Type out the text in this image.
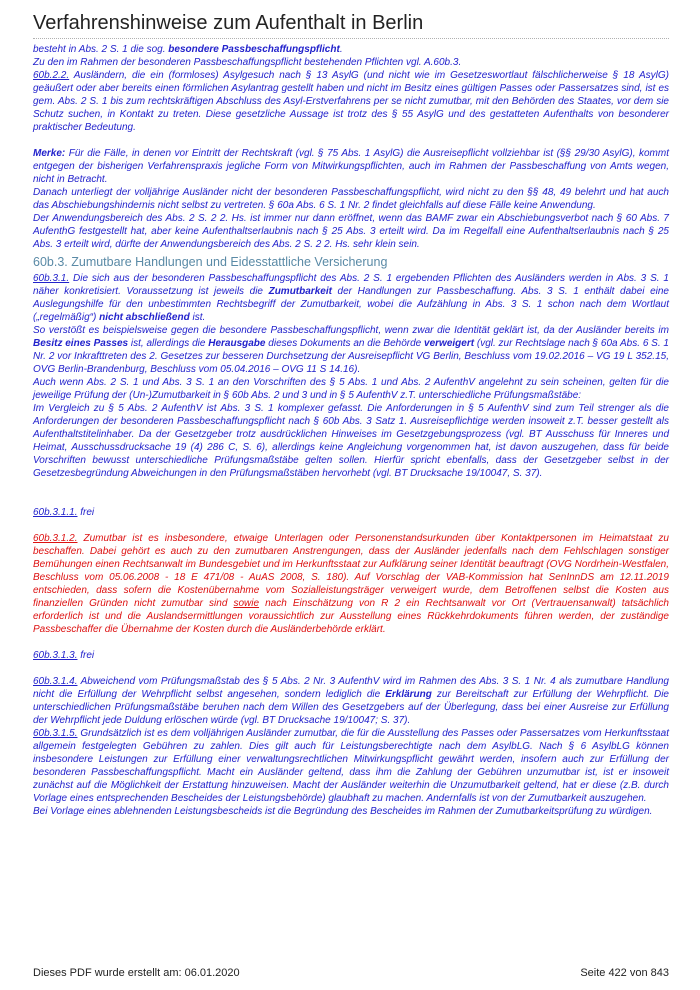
Verfahrenshinweise zum Aufenthalt in Berlin

besteht in Abs. 2 S. 1 die sog. besondere Passbeschaffungspflicht.

Zu den im Rahmen der besonderen Passbeschaffungspflicht bestehenden Pflichten vgl. A.60b.3.

60b.2.2. Ausländern, die ein (formloses) Asylgesuch nach § 13 AsylG (und nicht wie im Gesetzeswortlaut fälschlicherweise § 18 AsylG) geäußert oder aber bereits einen förmlichen Asylantrag gestellt haben und nicht im Besitz eines gültigen Passes oder Passersatzes sind, ist es gem. Abs. 2 S. 1 bis zum rechtskräftigen Abschluss des Asyl-Erstverfahrens per se nicht zumutbar, mit den Behörden des Staates, vor dem sie Schutz suchen, in Kontakt zu treten. Diese gesetzliche Aussage ist trotz des § 55 AsylG und des gestatteten Aufenthalts von besonderer praktischer Bedeutung.

Merke: Für die Fälle, in denen vor Eintritt der Rechtskraft (vgl. § 75 Abs. 1 AsylG) die Ausreisepflicht vollziehbar ist (§§ 29/30 AsylG), kommt entgegen der bisherigen Verfahrenspraxis jegliche Form von Mitwirkungspflichten, auch im Rahmen der Passbeschaffung von Amts wegen, nicht in Betracht.

Danach unterliegt der volljährige Ausländer nicht der besonderen Passbeschaffungspflicht, wird nicht zu den §§ 48, 49 belehrt und hat auch das Abschiebungshindernis nicht selbst zu vertreten. § 60a Abs. 6 S. 1 Nr. 2 findet gleichfalls auf diese Fälle keine Anwendung.

Der Anwendungsbereich des Abs. 2 S. 2 2. Hs. ist immer nur dann eröffnet, wenn das BAMF zwar ein Abschiebungsverbot nach § 60 Abs. 7 AufenthG festgestellt hat, aber keine Aufenthaltserlaubnis nach § 25 Abs. 3 erteilt wird. Da im Regelfall eine Aufenthaltserlaubnis nach § 25 Abs. 3 erteilt wird, dürfte der Anwendungsbereich des Abs. 2 S. 2 2. Hs. sehr klein sein.

60b.3. Zumutbare Handlungen und Eidesstattliche Versicherung

60b.3.1. Die sich aus der besonderen Passbeschaffungspflicht des Abs. 2 S. 1 ergebenden Pflichten des Ausländers werden in Abs. 3 S. 1 näher konkretisiert. Voraussetzung ist jeweils die Zumutbarkeit der Handlungen zur Passbeschaffung. Abs. 3 S. 1 enthält dabei eine Auslegungshilfe für den unbestimmten Rechtsbegriff der Zumutbarkeit, wobei die Aufzählung in Abs. 3 S. 1 schon nach dem Wortlaut („regelmäßig“) nicht abschließend ist.

So verstößt es beispielsweise gegen die besondere Passbeschaffungspflicht, wenn zwar die Identität geklärt ist, da der Ausländer bereits im Besitz eines Passes ist, allerdings die Herausgabe dieses Dokuments an die Behörde verweigert (vgl. zur Rechtslage nach § 60a Abs. 6 S. 1 Nr. 2 vor Inkrafttreten des 2. Gesetzes zur besseren Durchsetzung der Ausreisepflicht VG Berlin, Beschluss vom 19.02.2016 – VG 19 L 352.15, OVG Berlin-Brandenburg, Beschluss vom 05.04.2016 – OVG 11 S 14.16).

Auch wenn Abs. 2 S. 1 und Abs. 3 S. 1 an den Vorschriften des § 5 Abs. 1 und Abs. 2 AufenthV angelehnt zu sein scheinen, gelten für die jeweilige Prüfung der (Un-)Zumutbarkeit in § 60b Abs. 2 und 3 und in § 5 AufenthV z.T. unterschiedliche Prüfungsmaßstäbe:

Im Vergleich zu § 5 Abs. 2 AufenthV ist Abs. 3 S. 1 komplexer gefasst. Die Anforderungen in § 5 AufenthV sind zum Teil strenger als die Anforderungen der besonderen Passbeschaffungspflicht nach § 60b Abs. 3 Satz 1. Ausreisepflichtige werden insoweit z.T. besser gestellt als Aufenthaltstitelinhaber. Da der Gesetzgeber trotz ausdrücklichen Hinweises im Gesetzgebungsprozess (vgl. BT Ausschuss für Inneres und Heimat, Ausschussdrucksache 19 (4) 286 C, S. 6), allerdings keine Angleichung vorgenommen hat, ist davon auszugehen, dass für beide Vorschriften bewusst unterschiedliche Prüfungsmaßstäbe gelten sollen. Hierfür spricht ebenfalls, dass der Gesetzgeber selbst in der Gesetzesbegründung Abweichungen in den Prüfungsmaßstäben hervorhebt (vgl. BT Drucksache 19/10047, S. 37).

60b.3.1.1. frei

60b.3.1.2. Zumutbar ist es insbesondere, etwaige Unterlagen oder Personenstandsurkunden über Kontaktpersonen im Heimatstaat zu beschaffen. Dabei gehört es auch zu den zumutbaren Anstrengungen, dass der Ausländer jedenfalls nach dem Fehlschlagen sonstiger Bemühungen einen Rechtsanwalt im Bundesgebiet und im Herkunftsstaat zur Aufklärung seiner Identität beauftragt (OVG Nordrhein-Westfalen, Beschluss vom 05.06.2008 - 18 E 471/08 - AuAS 2008, S. 180). Auf Vorschlag der VAB-Kommission hat SenInnDS am 12.11.2019 entschieden, dass sofern die Kostenübernahme vom Sozialleistungsträger verweigert wurde, dem Betroffenen selbst die Kosten aus finanziellen Gründen nicht zumutbar sind sowie nach Einschätzung von R 2 ein Rechtsanwalt vor Ort (Vertrauensanwalt) tatsächlich erforderlich ist und die Auslandsermittlungen voraussichtlich zur Ausstellung eines Rückkehrdokuments führen werden, der zuständige Passbeschaffer die Übernahme der Kosten durch die Ausländerbehörde erklärt.

60b.3.1.3. frei

60b.3.1.4. Abweichend vom Prüfungsmaßstab des § 5 Abs. 2 Nr. 3 AufenthV wird im Rahmen des Abs. 3 S. 1 Nr. 4 als zumutbare Handlung nicht die Erfüllung der Wehrpflicht selbst angesehen, sondern lediglich die Erklärung zur Bereitschaft zur Erfüllung der Wehrpflicht. Die unterschiedlichen Prüfungsmaßstäbe beruhen nach dem Willen des Gesetzgebers auf der Überlegung, dass bei einer Ausreise zur Erfüllung der Wehrpflicht jede Duldung erlöschen würde (vgl. BT Drucksache 19/10047; S. 37).

60b.3.1.5. Grundsätzlich ist es dem volljährigen Ausländer zumutbar, die für die Ausstellung des Passes oder Passersatzes vom Herkunftsstaat allgemein festgelegten Gebühren zu zahlen. Dies gilt auch für Leistungsberechtigte nach dem AsylbLG. Nach § 6 AsylbLG können insbesondere Leistungen zur Erfüllung einer verwaltungsrechtlichen Mitwirkungspflicht gewährt werden, insofern auch zur Erfüllung der besonderen Passbeschaffungspflicht. Macht ein Ausländer geltend, dass ihm die Zahlung der Gebühren unzumutbar ist, ist er insoweit zunächst auf die Möglichkeit der Erstattung hinzuweisen. Macht der Ausländer weiterhin die Unzumutbarkeit geltend, hat er diese (z.B. durch Vorlage eines entsprechenden Bescheides der Leistungsbehörde) glaubhaft zu machen. Andernfalls ist von der Zumutbarkeit auszugehen.

Bei Vorlage eines ablehnenden Leistungsbescheids ist die Begründung des Bescheides im Rahmen der Zumutbarkeitsprüfung zu würdigen.

Dieses PDF wurde erstellt am: 06.01.2020	Seite 422 von 843
